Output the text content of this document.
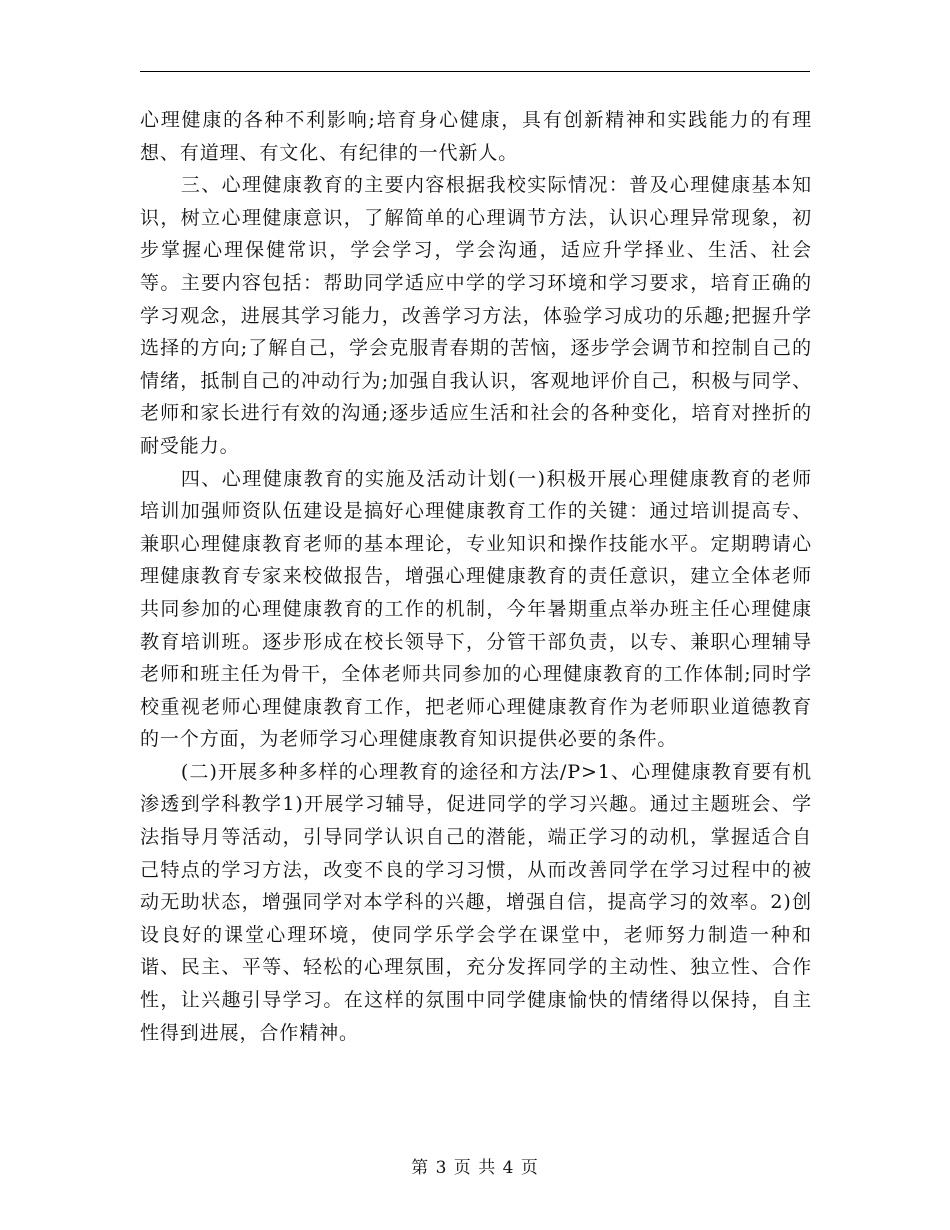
心理健康的各种不利影响;培育身心健康，具有创新精神和实践能力的有理想、有道理、有文化、有纪律的一代新人。

三、心理健康教育的主要内容根据我校实际情况：普及心理健康基本知识，树立心理健康意识，了解简单的心理调节方法，认识心理异常现象，初步掌握心理保健常识，学会学习，学会沟通，适应升学择业、生活、社会等。主要内容包括：帮助同学适应中学的学习环境和学习要求，培育正确的学习观念，进展其学习能力，改善学习方法，体验学习成功的乐趣;把握升学选择的方向;了解自己，学会克服青春期的苦恼，逐步学会调节和控制自己的情绪，抵制自己的冲动行为;加强自我认识，客观地评价自己，积极与同学、老师和家长进行有效的沟通;逐步适应生活和社会的各种变化，培育对挫折的耐受能力。

四、心理健康教育的实施及活动计划(一)积极开展心理健康教育的老师培训加强师资队伍建设是搞好心理健康教育工作的关键：通过培训提高专、兼职心理健康教育老师的基本理论，专业知识和操作技能水平。定期聘请心理健康教育专家来校做报告，增强心理健康教育的责任意识，建立全体老师共同参加的心理健康教育的工作的机制，今年暑期重点举办班主任心理健康教育培训班。逐步形成在校长领导下，分管干部负责，以专、兼职心理辅导老师和班主任为骨干，全体老师共同参加的心理健康教育的工作体制;同时学校重视老师心理健康教育工作，把老师心理健康教育作为老师职业道德教育的一个方面，为老师学习心理健康教育知识提供必要的条件。

(二)开展多种多样的心理教育的途径和方法/P>1、心理健康教育要有机渗透到学科教学1)开展学习辅导，促进同学的学习兴趣。通过主题班会、学法指导月等活动，引导同学认识自己的潜能，端正学习的动机，掌握适合自己特点的学习方法，改变不良的学习习惯，从而改善同学在学习过程中的被动无助状态，增强同学对本学科的兴趣，增强自信，提高学习的效率。2)创设良好的课堂心理环境，使同学乐学会学在课堂中，老师努力制造一种和谐、民主、平等、轻松的心理氛围，充分发挥同学的主动性、独立性、合作性，让兴趣引导学习。在这样的氛围中同学健康愉快的情绪得以保持，自主性得到进展，合作精神。

第 3 页 共 4 页
